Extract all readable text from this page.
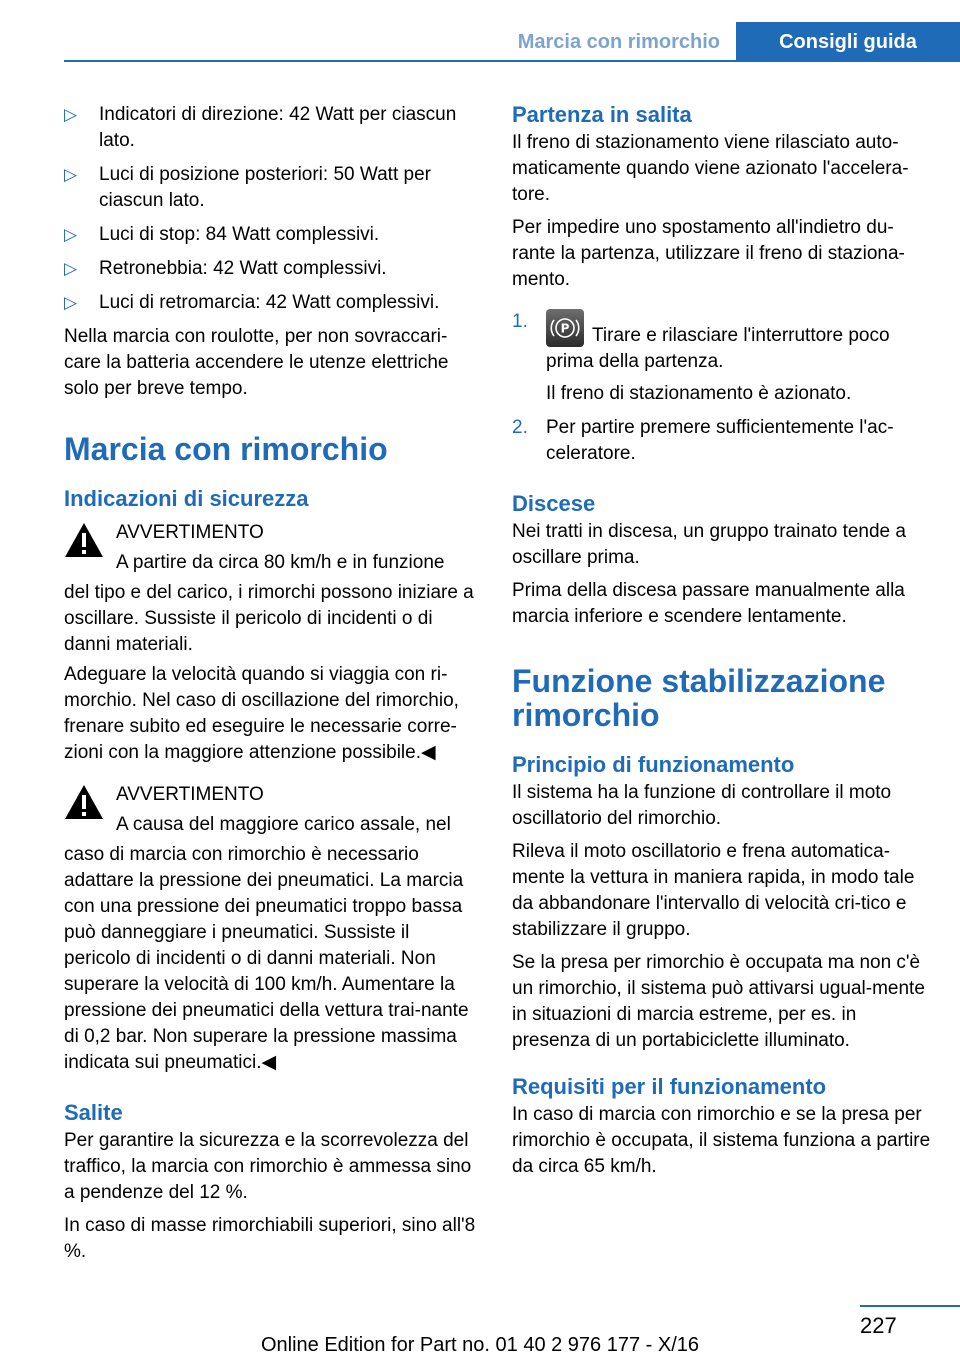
Marcia con rimorchio	Consigli guida
▷ Indicatori di direzione: 42 Watt per ciascun lato.
▷ Luci di posizione posteriori: 50 Watt per ciascun lato.
▷ Luci di stop: 84 Watt complessivi.
▷ Retronebbia: 42 Watt complessivi.
▷ Luci di retromarcia: 42 Watt complessivi.

Nella marcia con roulotte, per non sovraccari-care la batteria accendere le utenze elettriche solo per breve tempo.

Marcia con rimorchio
Indicazioni di sicurezza

AVVERTIMENTO

A partire da circa 80 km/h e in funzione

del tipo e del carico, i rimorchi possono iniziare a oscillare. Sussiste il pericolo di incidenti o di danni materiali.

Adeguare la velocità quando si viaggia con ri-morchio. Nel caso di oscillazione del rimorchio, frenare subito ed eseguire le necessarie corre-zioni con la maggiore attenzione possibile.◀

AVVERTIMENTO

A causa del maggiore carico assale, nel

caso di marcia con rimorchio è necessario adattare la pressione dei pneumatici. La marcia con una pressione dei pneumatici troppo bassa può danneggiare i pneumatici. Sussiste il pericolo di incidenti o di danni materiali. Non superare la velocità di 100 km/h. Aumentare la pressione dei pneumatici della vettura trai-nante di 0,2 bar. Non superare la pressione massima indicata sui pneumatici.◀

Salite

Per garantire la sicurezza e la scorrevolezza del traffico, la marcia con rimorchio è ammessa sino a pendenze del 12 %.

In caso di masse rimorchiabili superiori, sino all'8 %.

Partenza in salita

Il freno di stazionamento viene rilasciato auto-maticamente quando viene azionato l'accelera-tore.

Per impedire uno spostamento all'indietro du-rante la partenza, utilizzare il freno di staziona-mento.

1.	P Tirare e rilasciare l'interruttore poco prima della partenza.

Il freno di stazionamento è azionato.

2. Per partire premere sufficientemente l'ac-celeratore.
Discese

Nei tratti in discesa, un gruppo trainato tende a oscillare prima.

Prima della discesa passare manualmente alla marcia inferiore e scendere lentamente.

Funzione stabilizzazione rimorchio
Principio di funzionamento

Il sistema ha la funzione di controllare il moto oscillatorio del rimorchio.

Rileva il moto oscillatorio e frena automatica-mente la vettura in maniera rapida, in modo tale da abbandonare l'intervallo di velocità cri-tico e stabilizzare il gruppo.

Se la presa per rimorchio è occupata ma non c'è un rimorchio, il sistema può attivarsi ugual-mente in situazioni di marcia estreme, per es. in presenza di un portabiciclette illuminato.

Requisiti per il funzionamento

In caso di marcia con rimorchio e se la presa per rimorchio è occupata, il sistema funziona a partire da circa 65 km/h.

227
Online Edition for Part no. 01 40 2 976 177 - X/16
